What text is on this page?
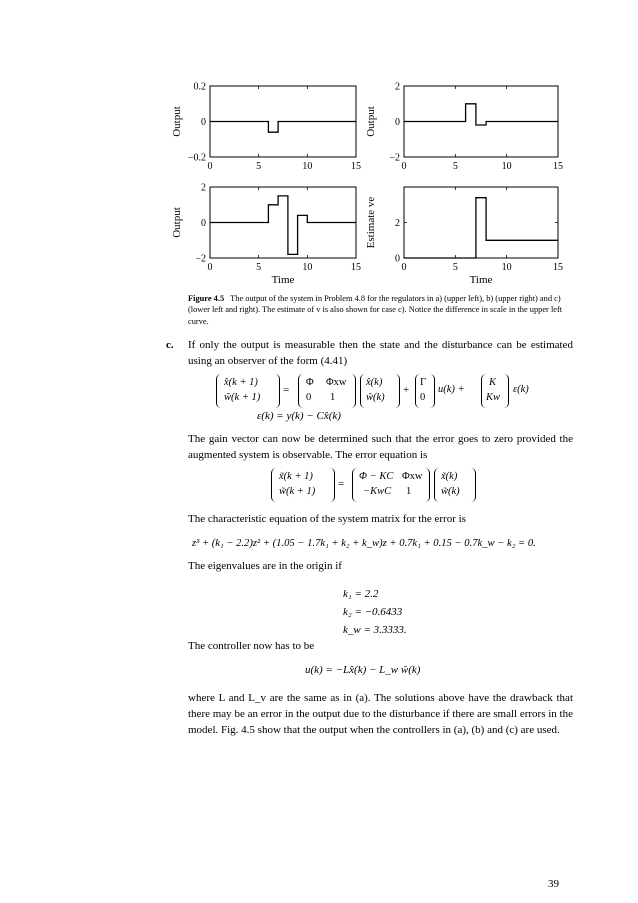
0	5	10	15
−0.2
0
0.2
Output
0	5	10	15
−2
0
2
Output
0	5	10	15
−2
0
2
Output
Time
0	5	10	15
0
2
Estimate ve
Time
Figure 4.5 The output of the system in Problem 4.8 for the regulators in a) (upper left), b) (upper right) and c) (lower left and right). The estimate of v is also shown for case c). Notice the difference in scale in the upper left curve.
c. If only the output is measurable then the state and the disturbance can be estimated using an observer of the form (4.41)
x̂(k + 1)
ŵ(k + 1)
=
Φ Φxw
0 1
x̂(k)
ŵ(k)
+
Γ
0
u(k) +
K
Kw
ε(k)
ε(k) = y(k) − Cx̂(k)
The gain vector can now be determined such that the error goes to zero provided the augmented system is observable. The error equation is
x̃(k + 1)
w̃(k + 1)
=
Φ − KC Φxw
−KwC 1
x̃(k)
w̃(k)
The characteristic equation of the system matrix for the error is
z³ + (k₁ − 2.2)z² + (1.05 − 1.7k₁ + k₂ + k_w)z + 0.7k₁ + 0.15 − 0.7k_w − k₂ = 0.
The eigenvalues are in the origin if
k₁ = 2.2
k₂ = −0.6433
k_w = 3.3333.
The controller now has to be
u(k) = −Lx̂(k) − L_w ŵ(k)
where L and L_v are the same as in (a). The solutions above have the drawback that there may be an error in the output due to the disturbance if there are small errors in the model. Fig. 4.5 show that the output when the controllers in (a), (b) and (c) are used.
39
